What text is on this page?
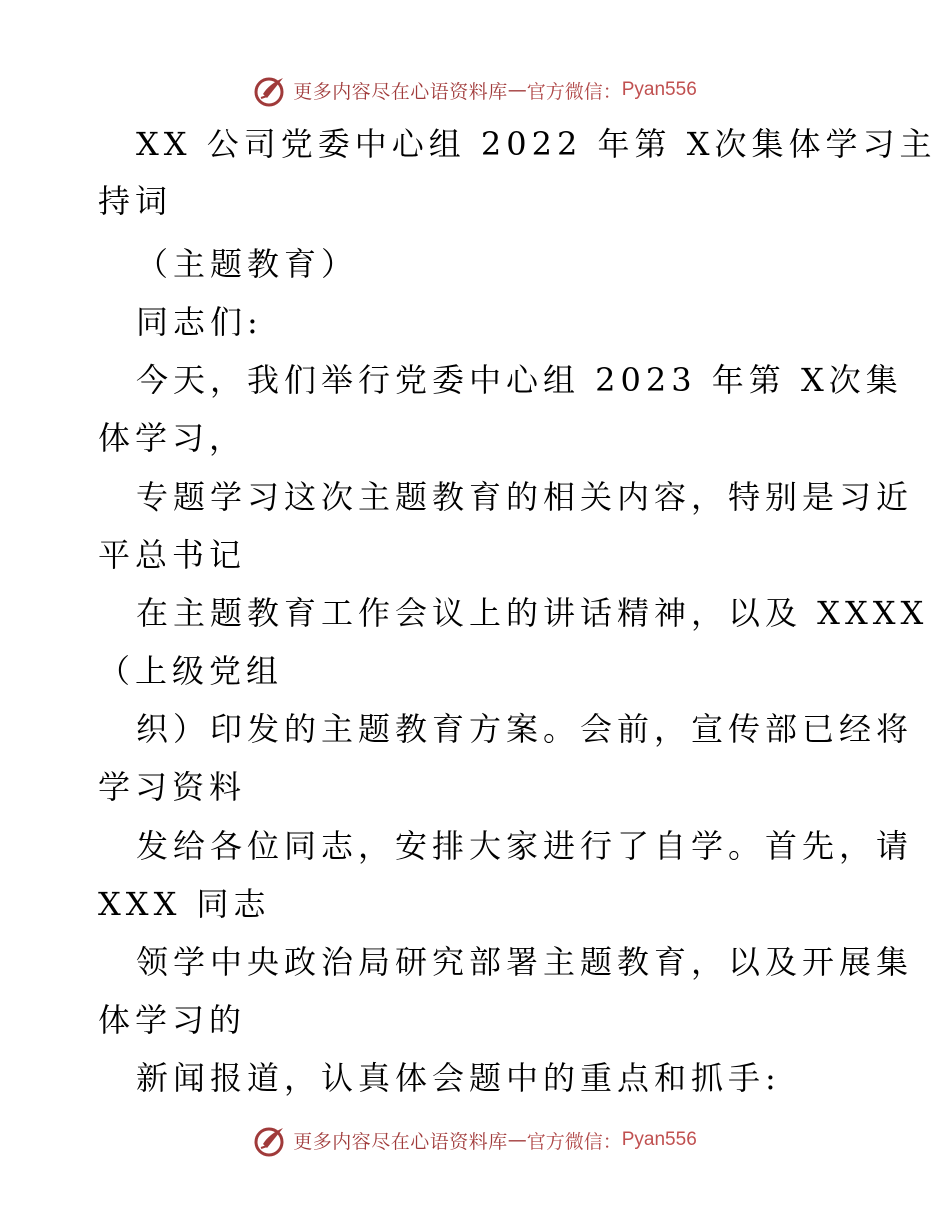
更多内容尽在心语资料库 — 官方微信： Pyan556
XX 公司党委中心组 2022 年第 X次集体学习主
持词
（主题教育）
同志们:
今天，我们举行党委中心组 2023 年第 X次集
体学习，
专题学习这次主题教育的相关内容，特别是习近
平总书记
在主题教育工作会议上的讲话精神，以及 XXXX
（上级党组
织）印发的主题教育方案。会前，宣传部已经将
学习资料
发给各位同志，安排大家进行了自学。首先，请
XXX 同志
领学中央政治局研究部署主题教育，以及开展集
体学习的
新闻报道，认真体会题中的重点和抓手:
更多内容尽在心语资料库 — 官方微信： Pyan556
